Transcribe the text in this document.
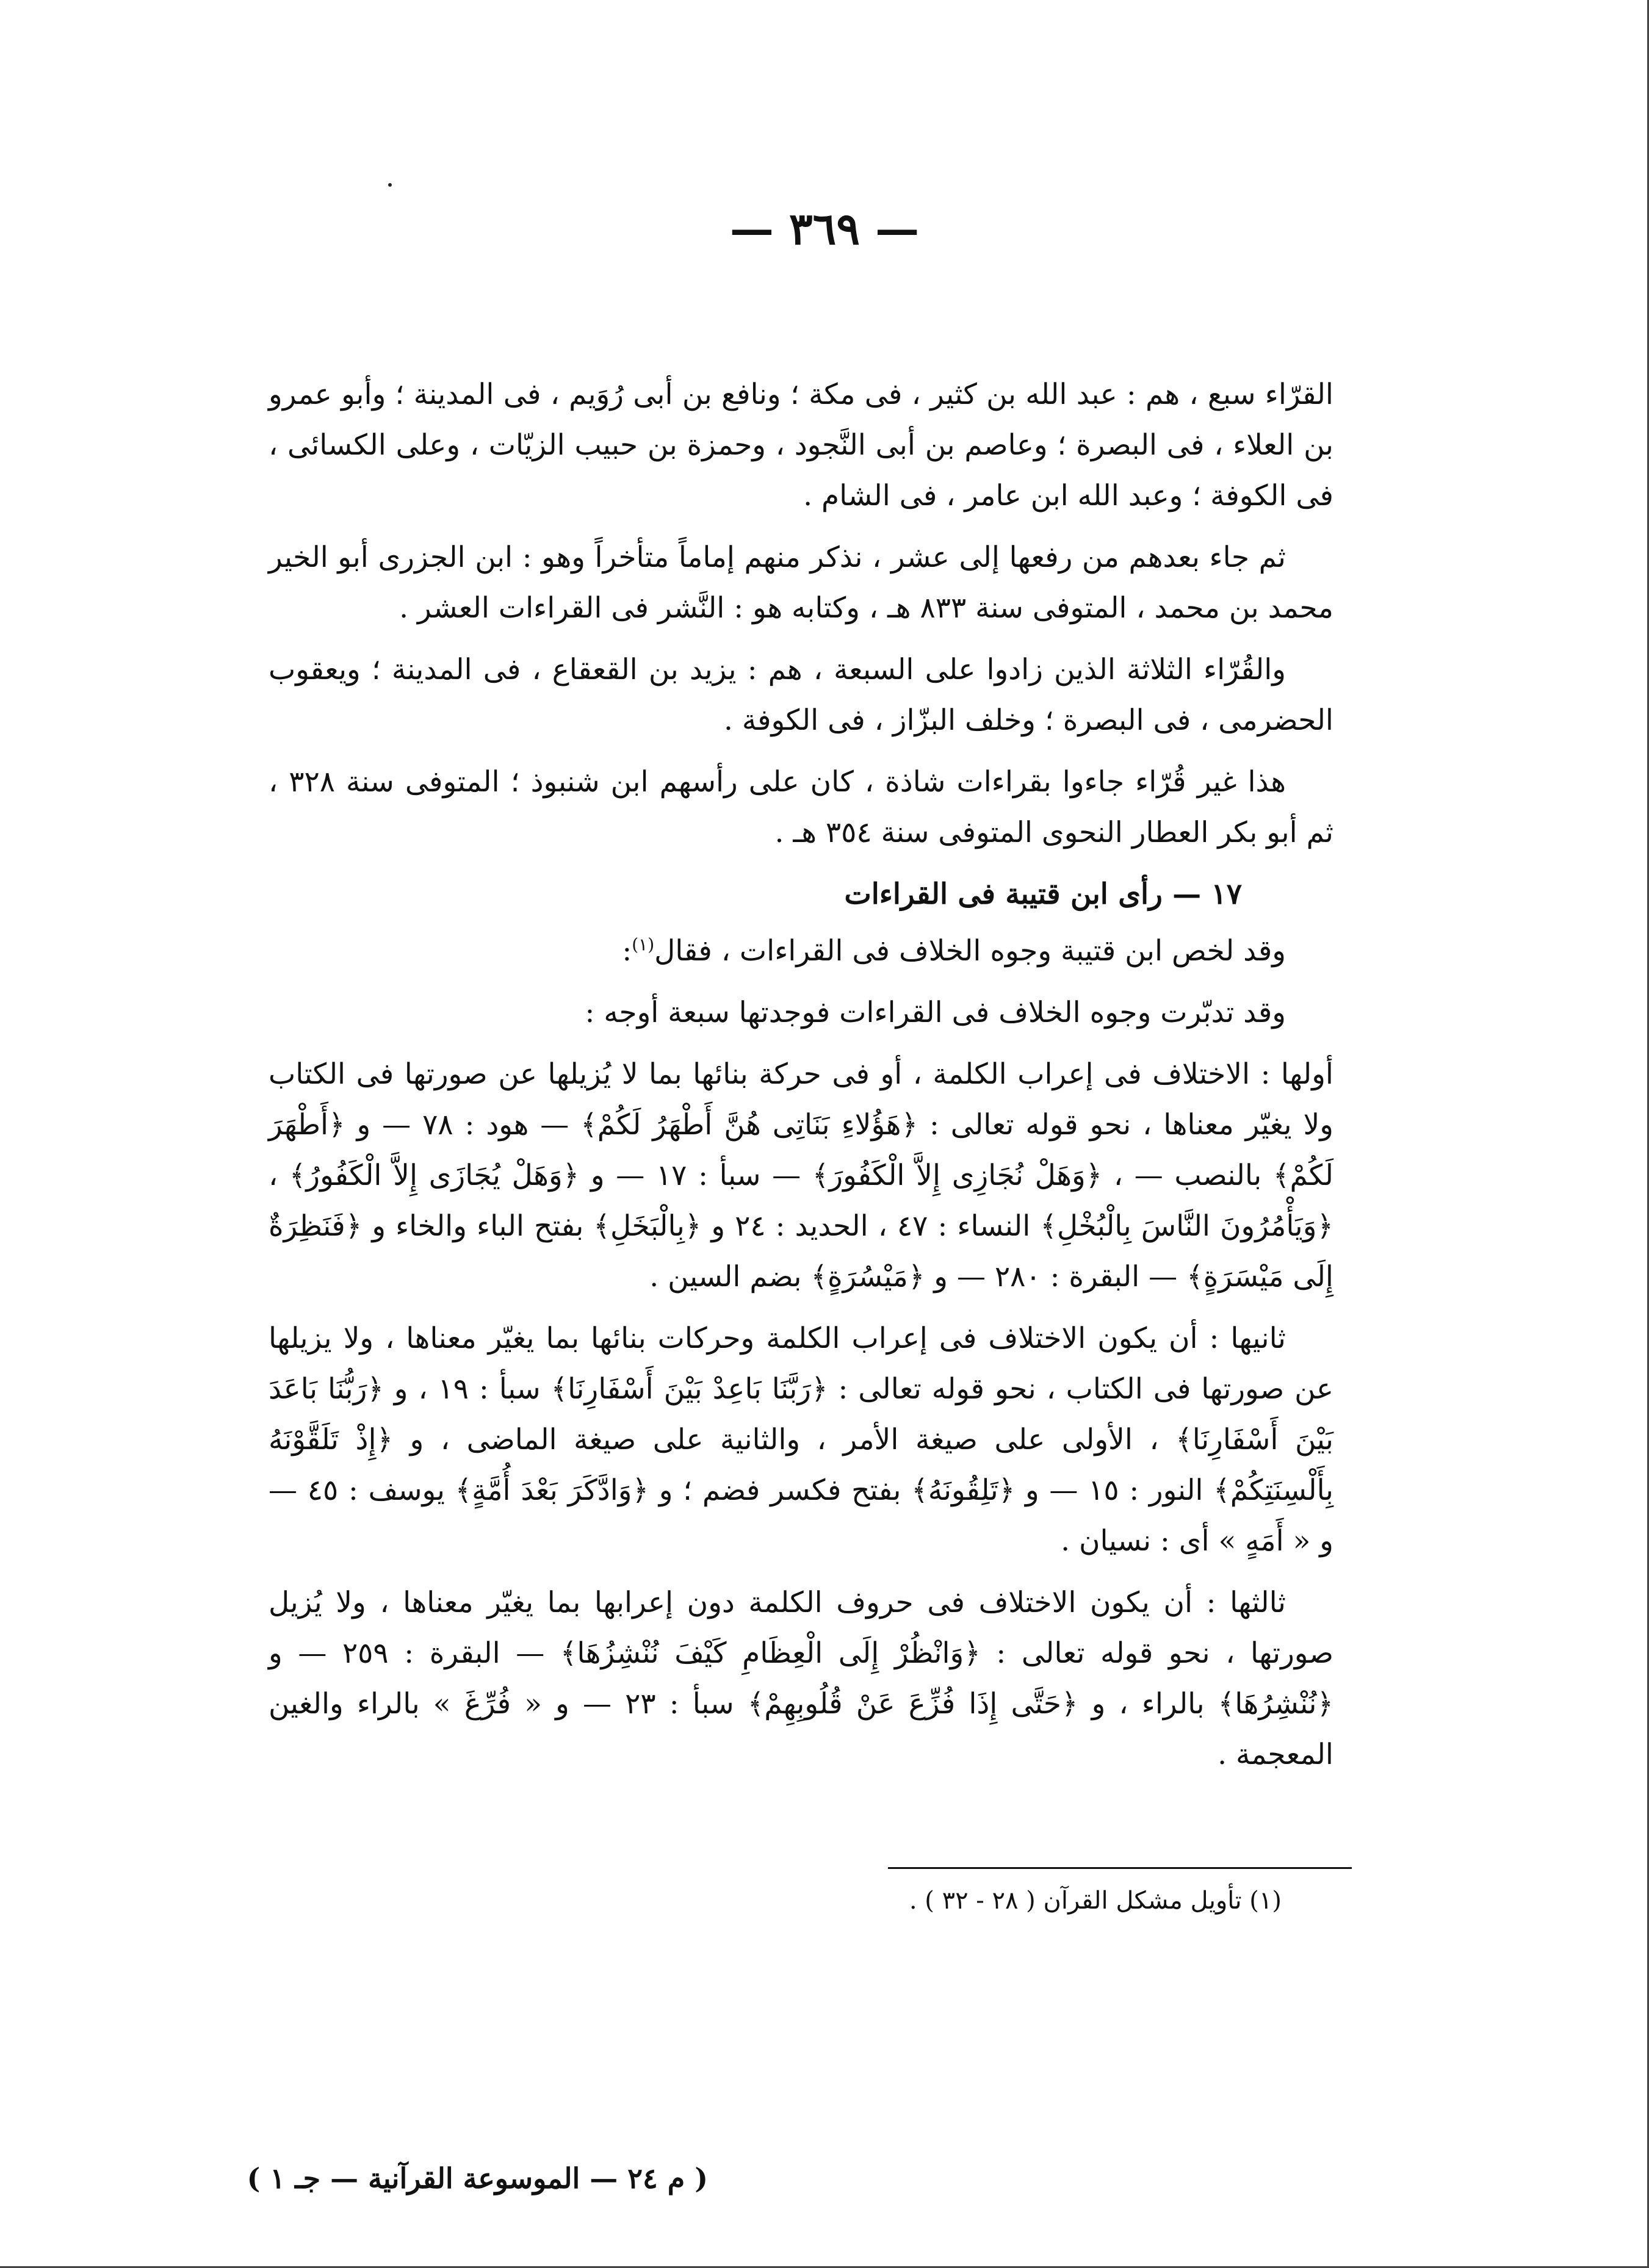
— ٣٦٩ —

القرّاء سبع ، هم : عبد الله بن كثير ، فى مكة ؛ ونافع بن أبى رُوَيم ، فى المدينة ؛ وأبو عمرو بن العلاء ، فى البصرة ؛ وعاصم بن أبى النَّجود ، وحمزة بن حبيب الزيّات ، وعلى الكسائى ، فى الكوفة ؛ وعبد الله ابن عامر ، فى الشام .

ثم جاء بعدهم من رفعها إلى عشر ، نذكر منهم إماماً متأخراً وهو : ابن الجزرى أبو الخير محمد بن محمد ، المتوفى سنة ٨٣٣ هـ ، وكتابه هو : النَّشر فى القراءات العشر .

والقُرّاء الثلاثة الذين زادوا على السبعة ، هم : يزيد بن القعقاع ، فى المدينة ؛ ويعقوب الحضرمى ، فى البصرة ؛ وخلف البزّاز ، فى الكوفة .

هذا غير قُرّاء جاءوا بقراءات شاذة ، كان على رأسهم ابن شنبوذ ؛ المتوفى سنة ٣٢٨ ، ثم أبو بكر العطار النحوى المتوفى سنة ٣٥٤ هـ .

١٧ — رأى ابن قتيبة فى القراءات

وقد لخص ابن قتيبة وجوه الخلاف فى القراءات ، فقال$^{(١)}$:

وقد تدبّرت وجوه الخلاف فى القراءات فوجدتها سبعة أوجه :

أولها : الاختلاف فى إعراب الكلمة ، أو فى حركة بنائها بما لا يُزيلها عن صورتها فى الكتاب ولا يغيّر معناها ، نحو قوله تعالى : ﴿هَؤُلاءِ بَنَاتِى هُنَّ أَطْهَرُ لَكُمْ﴾ — هود : ٧٨ — و ﴿أَطْهَرَ لَكُمْ﴾ بالنصب — ، ﴿وَهَلْ نُجَازِى إِلاَّ الْكَفُورَ﴾ — سبأ : ١٧ — و ﴿وَهَلْ يُجَازَى إِلاَّ الْكَفُورُ﴾ ، ﴿وَيَأْمُرُونَ النَّاسَ بِالْبُخْلِ﴾ النساء : ٤٧ ، الحديد : ٢٤ و ﴿بِالْبَخَلِ﴾ بفتح الباء والخاء و ﴿فَنَظِرَةٌ إِلَى مَيْسَرَةٍ﴾ — البقرة : ٢٨٠ — و ﴿مَيْسُرَةٍ﴾ بضم السين .

ثانيها : أن يكون الاختلاف فى إعراب الكلمة وحركات بنائها بما يغيّر معناها ، ولا يزيلها عن صورتها فى الكتاب ، نحو قوله تعالى : ﴿رَبَّنَا بَاعِدْ بَيْنَ أَسْفَارِنَا﴾ سبأ : ١٩ ، و ﴿رَبُّنَا بَاعَدَ بَيْنَ أَسْفَارِنَا﴾ ، الأولى على صيغة الأمر ، والثانية على صيغة الماضى ، و ﴿إِذْ تَلَقَّوْنَهُ بِأَلْسِنَتِكُمْ﴾ النور : ١٥ — و ﴿تَلِقُونَهُ﴾ بفتح فكسر فضم ؛ و ﴿وَادَّكَرَ بَعْدَ أُمَّةٍ﴾ يوسف : ٤٥ — و « أَمَهٍ » أى : نسيان .

ثالثها : أن يكون الاختلاف فى حروف الكلمة دون إعرابها بما يغيّر معناها ، ولا يُزيل صورتها ، نحو قوله تعالى : ﴿وَانْظُرْ إِلَى الْعِظَامِ كَيْفَ نُنْشِزُهَا﴾ — البقرة : ٢٥٩ — و ﴿نُنْشِرُهَا﴾ بالراء ، و ﴿حَتَّى إِذَا فُزِّعَ عَنْ قُلُوبِهِمْ﴾ سبأ : ٢٣ — و « فُرِّغَ » بالراء والغين المعجمة .

(١) تأويل مشكل القرآن ( ٢٨ - ٣٢ ) .
( م ٢٤ — الموسوعة القرآنية — جـ ١ )
